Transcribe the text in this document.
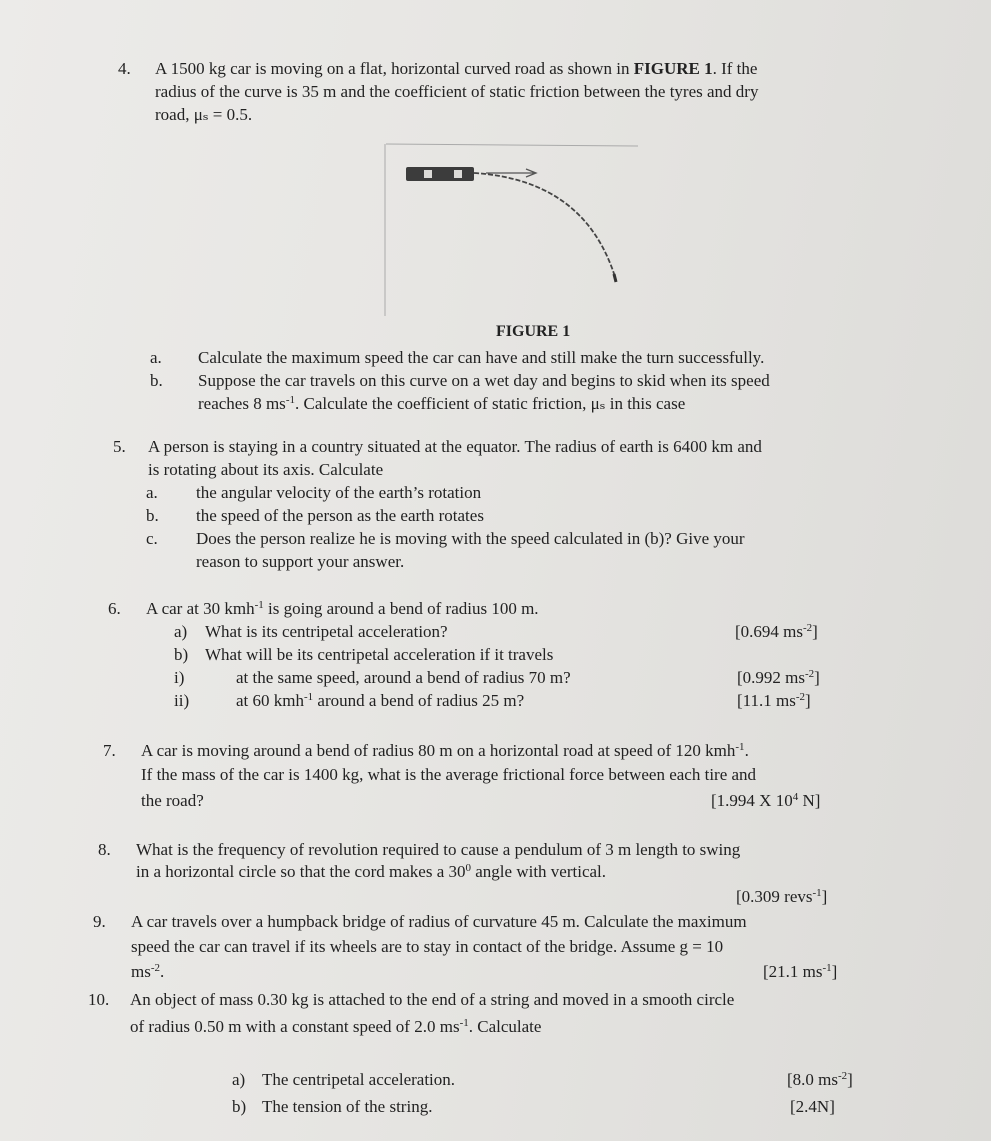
4. A 1500 kg car is moving on a flat, horizontal curved road as shown in FIGURE 1. If the
radius of the curve is 35 m and the coefficient of static friction between the tyres and dry
road, μₛ = 0.5.
FIGURE 1
a. Calculate the maximum speed the car can have and still make the turn successfully.
b. Suppose the car travels on this curve on a wet day and begins to skid when its speed
reaches 8 $ms^{-1}$. Calculate the coefficient of static friction, μₛ in this case
5. A person is staying in a country situated at the equator. The radius of earth is 6400 km and
is rotating about its axis. Calculate
a. the angular velocity of the earth’s rotation
b. the speed of the person as the earth rotates
c. Does the person realize he is moving with the speed calculated in (b)? Give your
reason to support your answer.
6. A car at 30 kmh$^{-1}$ is going around a bend of radius 100 m.
a) What is its centripetal acceleration?	[0.694 $ms^{-2}$]
b) What will be its centripetal acceleration if it travels
i)	at the same speed, around a bend of radius 70 m?	[0.992 $ms^{-2}$]
ii)	at 60 kmh$^{-1}$ around a bend of radius 25 m?	[11.1 $ms^{-2}$]
7. A car is moving around a bend of radius 80 m on a horizontal road at speed of 120 kmh$^{-1}$.
If the mass of the car is 1400 kg, what is the average frictional force between each tire and
the road?	[1.994 X $10^4$ N]
8. What is the frequency of revolution required to cause a pendulum of 3 m length to swing
in a horizontal circle so that the cord makes a $30^0$ angle with vertical.
[0.309 revs$^{-1}$]
9. A car travels over a humpback bridge of radius of curvature 45 m. Calculate the maximum
speed the car can travel if its wheels are to stay in contact of the bridge. Assume g = 10
$ms^{-2}$.	[21.1 $ms^{-1}$]
10. An object of mass 0.30 kg is attached to the end of a string and moved in a smooth circle
of radius 0.50 m with a constant speed of 2.0 $ms^{-1}$. Calculate
a) The centripetal acceleration.	[8.0 $ms^{-2}$]
b) The tension of the string.	[2.4N]
